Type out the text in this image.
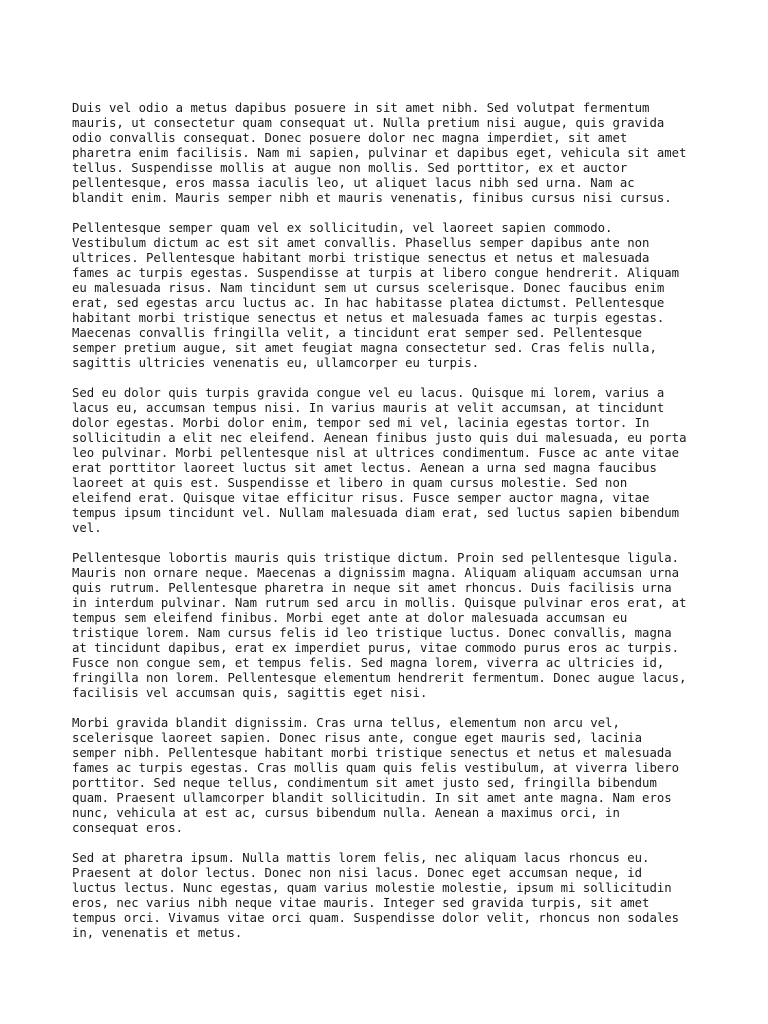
Duis vel odio a metus dapibus posuere in sit amet nibh. Sed volutpat fermentum
mauris, ut consectetur quam consequat ut. Nulla pretium nisi augue, quis gravida
odio convallis consequat. Donec posuere dolor nec magna imperdiet, sit amet
pharetra enim facilisis. Nam mi sapien, pulvinar et dapibus eget, vehicula sit amet
tellus. Suspendisse mollis at augue non mollis. Sed porttitor, ex et auctor
pellentesque, eros massa iaculis leo, ut aliquet lacus nibh sed urna. Nam ac
blandit enim. Mauris semper nibh et mauris venenatis, finibus cursus nisi cursus.

Pellentesque semper quam vel ex sollicitudin, vel laoreet sapien commodo.
Vestibulum dictum ac est sit amet convallis. Phasellus semper dapibus ante non
ultrices. Pellentesque habitant morbi tristique senectus et netus et malesuada
fames ac turpis egestas. Suspendisse at turpis at libero congue hendrerit. Aliquam
eu malesuada risus. Nam tincidunt sem ut cursus scelerisque. Donec faucibus enim
erat, sed egestas arcu luctus ac. In hac habitasse platea dictumst. Pellentesque
habitant morbi tristique senectus et netus et malesuada fames ac turpis egestas.
Maecenas convallis fringilla velit, a tincidunt erat semper sed. Pellentesque
semper pretium augue, sit amet feugiat magna consectetur sed. Cras felis nulla,
sagittis ultricies venenatis eu, ullamcorper eu turpis.

Sed eu dolor quis turpis gravida congue vel eu lacus. Quisque mi lorem, varius a
lacus eu, accumsan tempus nisi. In varius mauris at velit accumsan, at tincidunt
dolor egestas. Morbi dolor enim, tempor sed mi vel, lacinia egestas tortor. In
sollicitudin a elit nec eleifend. Aenean finibus justo quis dui malesuada, eu porta
leo pulvinar. Morbi pellentesque nisl at ultrices condimentum. Fusce ac ante vitae
erat porttitor laoreet luctus sit amet lectus. Aenean a urna sed magna faucibus
laoreet at quis est. Suspendisse et libero in quam cursus molestie. Sed non
eleifend erat. Quisque vitae efficitur risus. Fusce semper auctor magna, vitae
tempus ipsum tincidunt vel. Nullam malesuada diam erat, sed luctus sapien bibendum
vel.

Pellentesque lobortis mauris quis tristique dictum. Proin sed pellentesque ligula.
Mauris non ornare neque. Maecenas a dignissim magna. Aliquam aliquam accumsan urna
quis rutrum. Pellentesque pharetra in neque sit amet rhoncus. Duis facilisis urna
in interdum pulvinar. Nam rutrum sed arcu in mollis. Quisque pulvinar eros erat, at
tempus sem eleifend finibus. Morbi eget ante at dolor malesuada accumsan eu
tristique lorem. Nam cursus felis id leo tristique luctus. Donec convallis, magna
at tincidunt dapibus, erat ex imperdiet purus, vitae commodo purus eros ac turpis.
Fusce non congue sem, et tempus felis. Sed magna lorem, viverra ac ultricies id,
fringilla non lorem. Pellentesque elementum hendrerit fermentum. Donec augue lacus,
facilisis vel accumsan quis, sagittis eget nisi.

Morbi gravida blandit dignissim. Cras urna tellus, elementum non arcu vel,
scelerisque laoreet sapien. Donec risus ante, congue eget mauris sed, lacinia
semper nibh. Pellentesque habitant morbi tristique senectus et netus et malesuada
fames ac turpis egestas. Cras mollis quam quis felis vestibulum, at viverra libero
porttitor. Sed neque tellus, condimentum sit amet justo sed, fringilla bibendum
quam. Praesent ullamcorper blandit sollicitudin. In sit amet ante magna. Nam eros
nunc, vehicula at est ac, cursus bibendum nulla. Aenean a maximus orci, in
consequat eros.

Sed at pharetra ipsum. Nulla mattis lorem felis, nec aliquam lacus rhoncus eu.
Praesent at dolor lectus. Donec non nisi lacus. Donec eget accumsan neque, id
luctus lectus. Nunc egestas, quam varius molestie molestie, ipsum mi sollicitudin
eros, nec varius nibh neque vitae mauris. Integer sed gravida turpis, sit amet
tempus orci. Vivamus vitae orci quam. Suspendisse dolor velit, rhoncus non sodales
in, venenatis et metus.
